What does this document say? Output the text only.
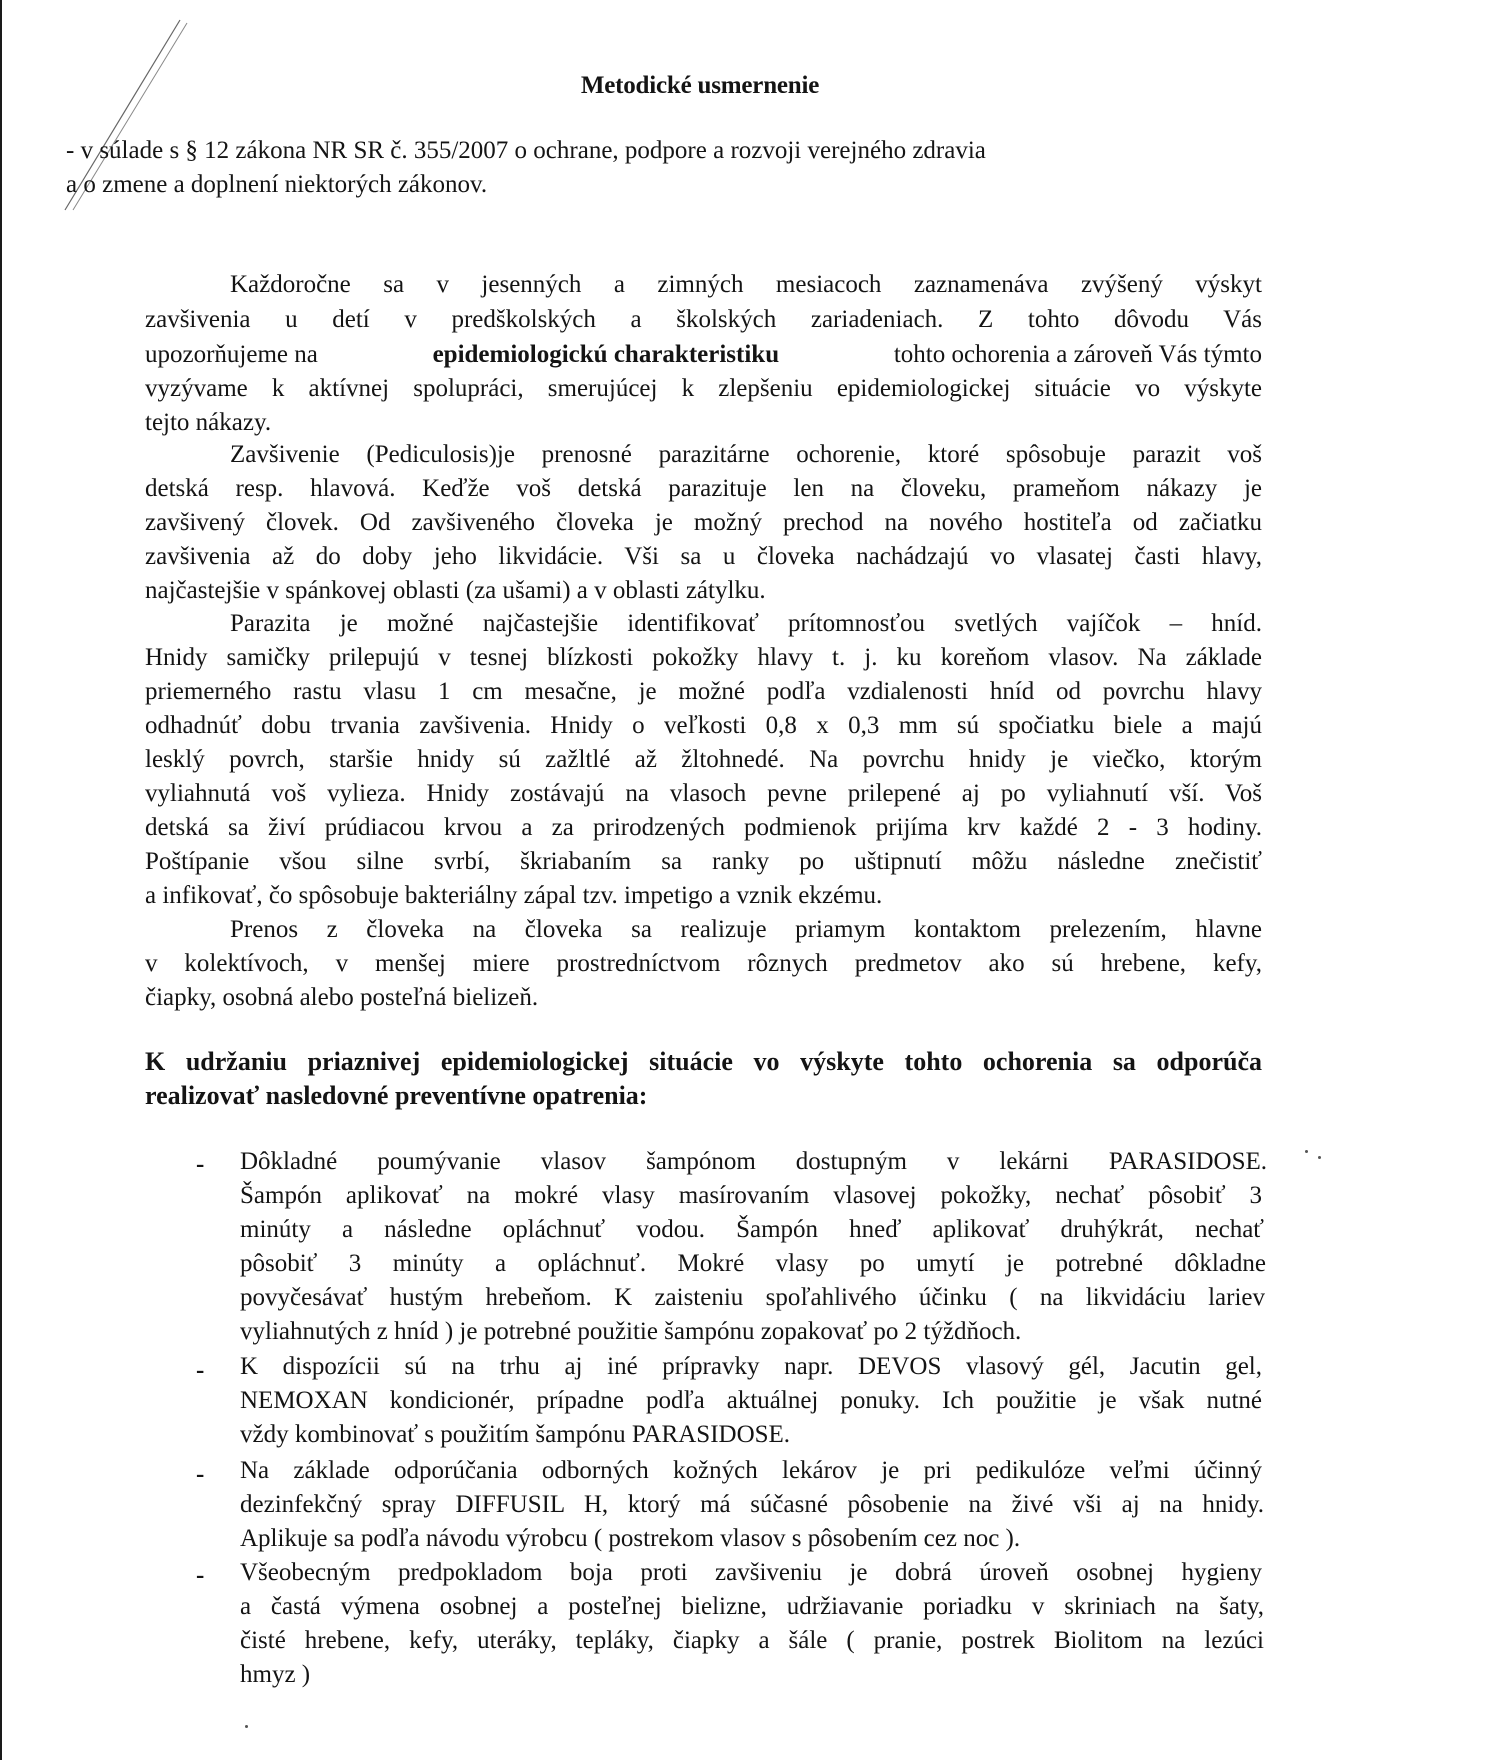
Metodické usmernenie
- v súlade s § 12 zákona NR SR č. 355/2007 o ochrane, podpore a rozvoji verejného zdravia
a o zmene a doplnení niektorých zákonov.
Každoročne sa v jesenných a zimných mesiacoch zaznamenáva zvýšený výskyt
zavšivenia u detí v predškolských a školských zariadeniach. Z tohto dôvodu Vás
upozorňujeme na	epidemiologickú charakteristiku	tohto ochorenia a zároveň Vás týmto
vyzývame k aktívnej spolupráci, smerujúcej k zlepšeniu epidemiologickej situácie vo výskyte
tejto nákazy.
Zavšivenie (Pediculosis)je prenosné parazitárne ochorenie, ktoré spôsobuje parazit voš
detská resp. hlavová. Keďže voš detská parazituje len na človeku, prameňom nákazy je
zavšivený človek. Od zavšiveného človeka je možný prechod na nového hostiteľa od začiatku
zavšivenia až do doby jeho likvidácie. Vši sa u človeka nachádzajú vo vlasatej časti hlavy,
najčastejšie v spánkovej oblasti (za ušami) a v oblasti zátylku.
Parazita je možné najčastejšie identifikovať prítomnosťou svetlých vajíčok – hníd.
Hnidy samičky prilepujú v tesnej blízkosti pokožky hlavy t. j. ku koreňom vlasov. Na základe
priemerného rastu vlasu 1 cm mesačne, je možné podľa vzdialenosti hníd od povrchu hlavy
odhadnúť dobu trvania zavšivenia. Hnidy o veľkosti 0,8 x 0,3 mm sú spočiatku biele a majú
lesklý povrch, staršie hnidy sú zažltlé až žltohnedé. Na povrchu hnidy je viečko, ktorým
vyliahnutá voš vylieza. Hnidy zostávajú na vlasoch pevne prilepené aj po vyliahnutí vší. Voš
detská sa živí prúdiacou krvou a za prirodzených podmienok prijíma krv každé 2 - 3 hodiny.
Poštípanie všou silne svrbí, škriabaním sa ranky po uštipnutí môžu následne znečistiť
a infikovať, čo spôsobuje bakteriálny zápal tzv. impetigo a vznik ekzému.
Prenos z človeka na človeka sa realizuje priamym kontaktom prelezením, hlavne
v kolektívoch, v menšej miere prostredníctvom rôznych predmetov ako sú hrebene, kefy,
čiapky, osobná alebo posteľná bielizeň.
K udržaniu priaznivej epidemiologickej situácie vo výskyte tohto ochorenia sa odporúča
realizovať nasledovné preventívne opatrenia:
- Dôkladné poumývanie vlasov šampónom dostupným v lekárni PARASIDOSE.
Šampón aplikovať na mokré vlasy masírovaním vlasovej pokožky, nechať pôsobiť 3
minúty a následne opláchnuť vodou. Šampón hneď aplikovať druhýkrát, nechať
pôsobiť 3 minúty a opláchnuť. Mokré vlasy po umytí je potrebné dôkladne
povyčesávať hustým hrebeňom. K zaisteniu spoľahlivého účinku ( na likvidáciu lariev
vyliahnutých z hníd ) je potrebné použitie šampónu zopakovať po 2 týždňoch.
- K dispozícii sú na trhu aj iné prípravky napr. DEVOS vlasový gél, Jacutin gel,
NEMOXAN kondicionér, prípadne podľa aktuálnej ponuky. Ich použitie je však nutné
vždy kombinovať s použitím šampónu PARASIDOSE.
- Na základe odporúčania odborných kožných lekárov je pri pedikulóze veľmi účinný
dezinfekčný spray DIFFUSIL H, ktorý má súčasné pôsobenie na živé vši aj na hnidy.
Aplikuje sa podľa návodu výrobcu ( postrekom vlasov s pôsobením cez noc ).
- Všeobecným predpokladom boja proti zavšiveniu je dobrá úroveň osobnej hygieny
a častá výmena osobnej a posteľnej bielizne, udržiavanie poriadku v skriniach na šaty,
čisté hrebene, kefy, uteráky, tepláky, čiapky a šále ( pranie, postrek Biolitom na lezúci
hmyz )
